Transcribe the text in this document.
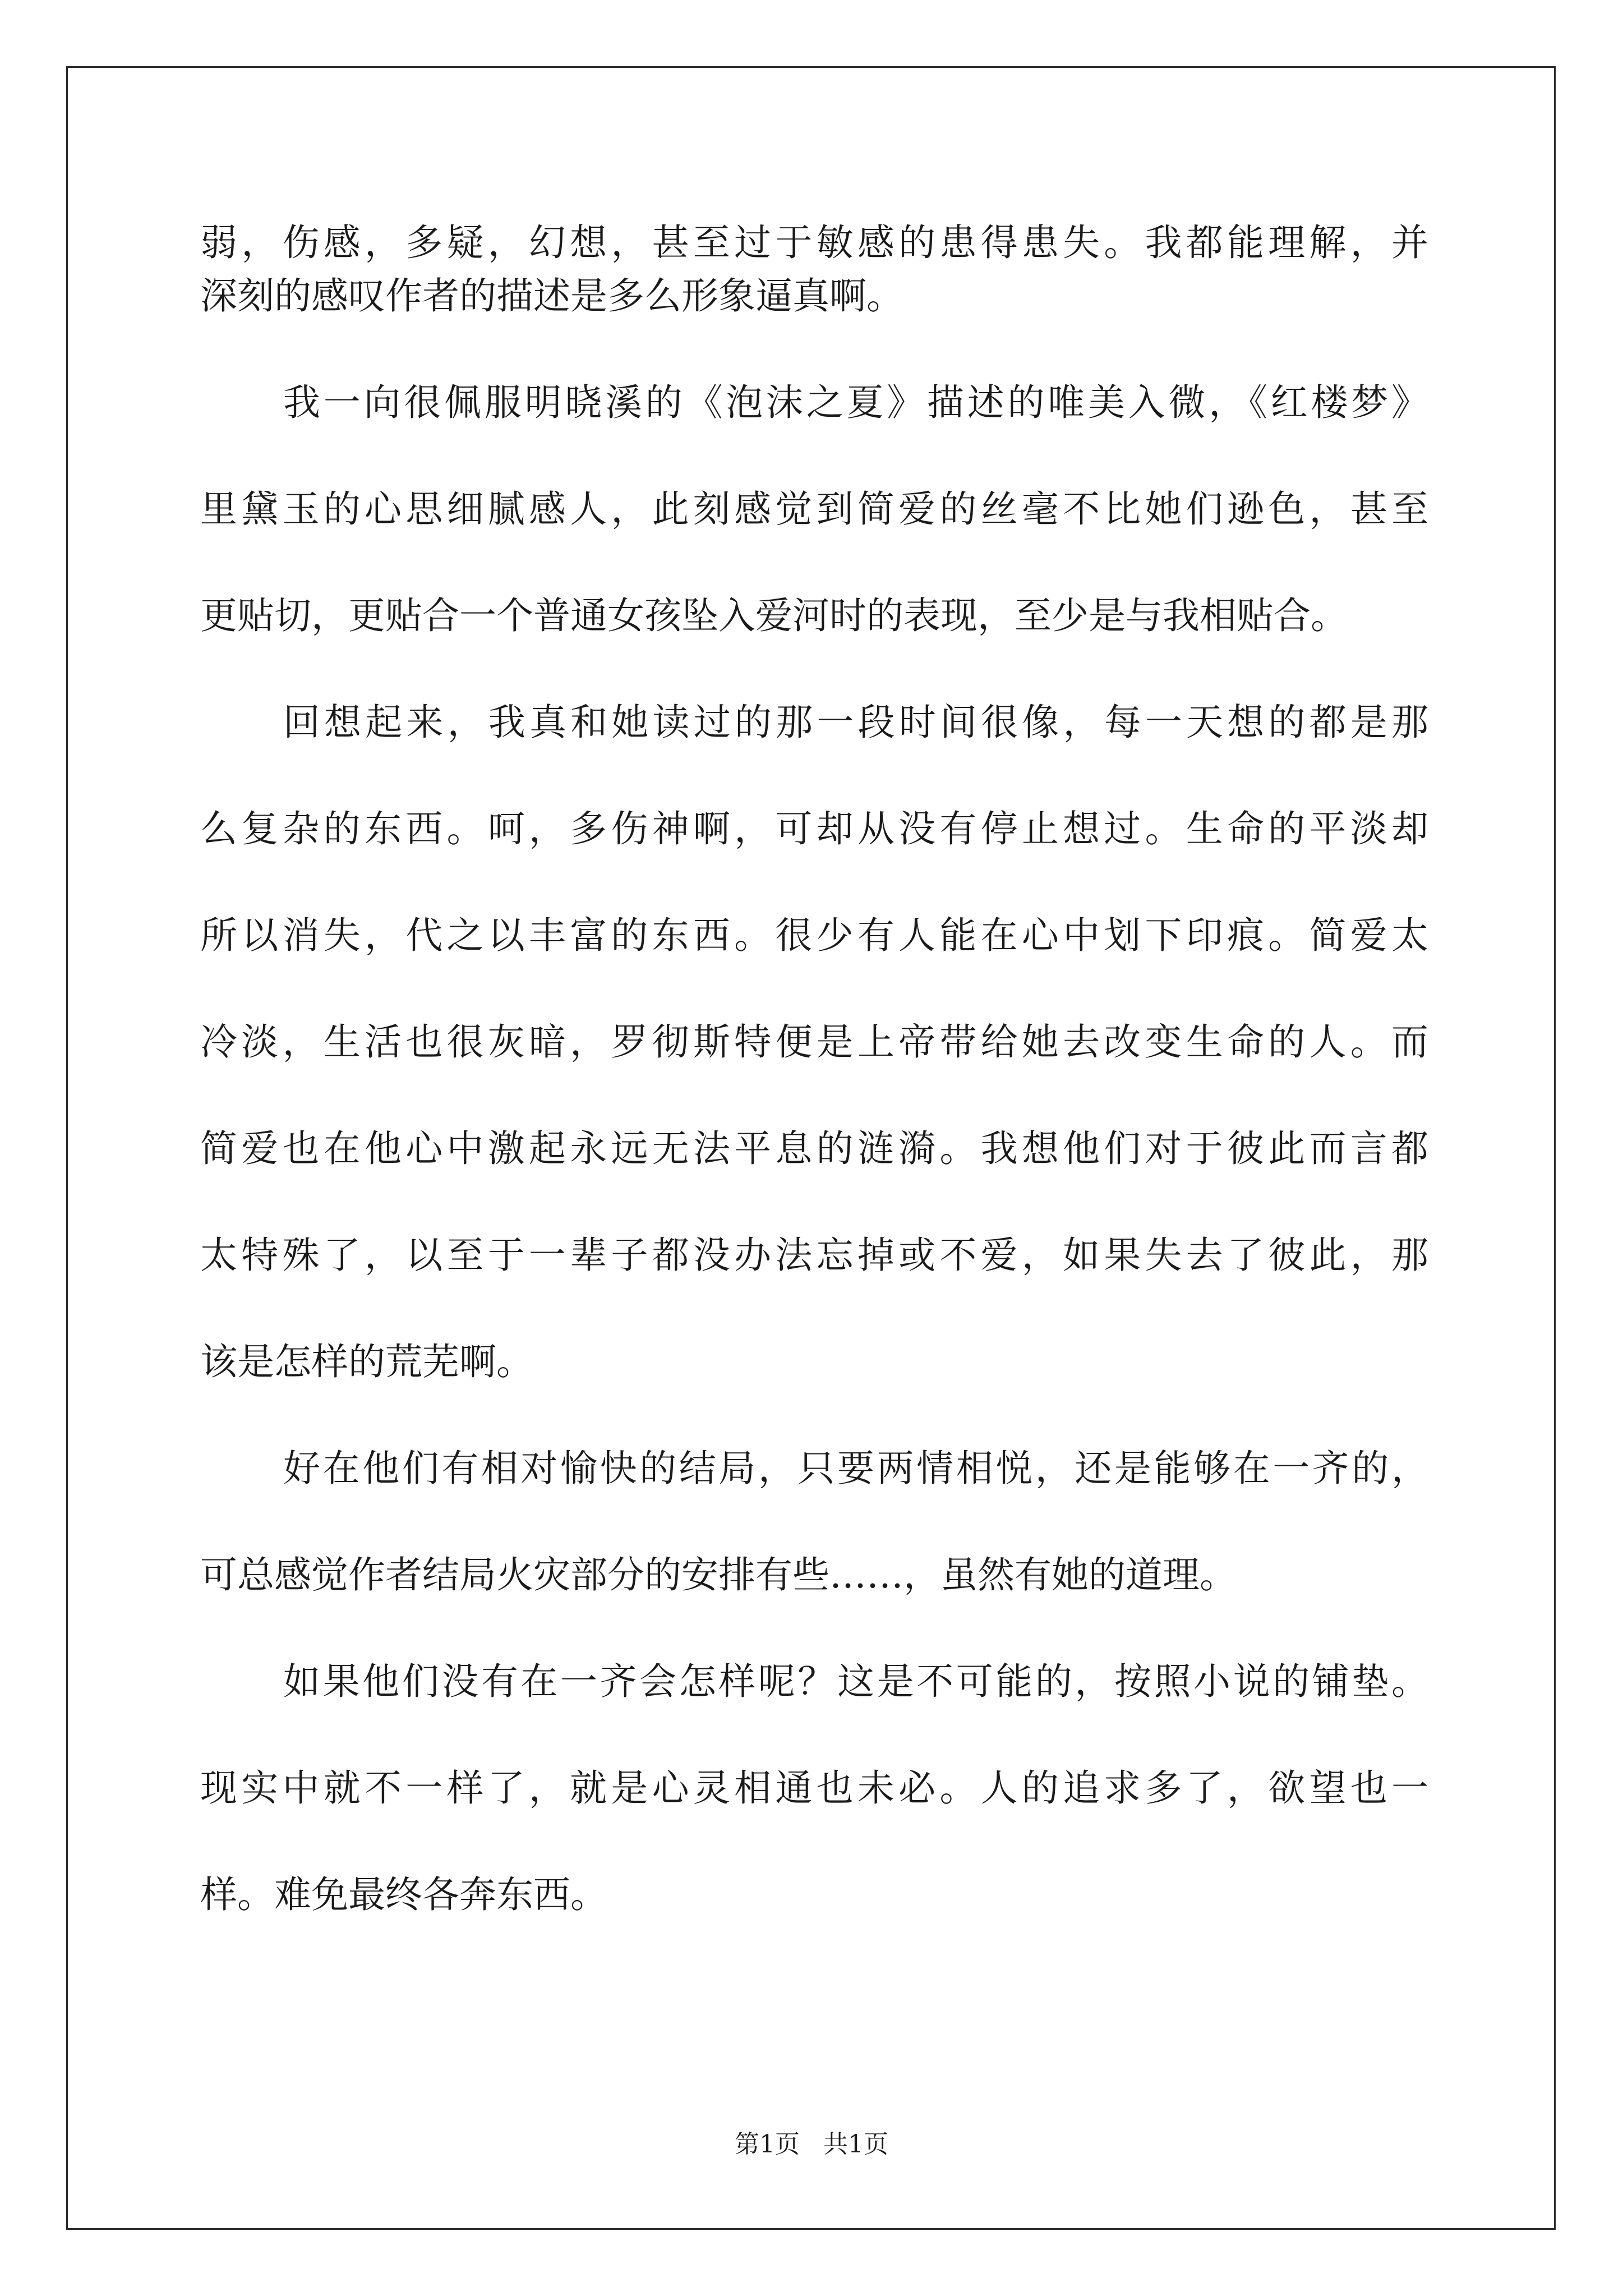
弱，伤感，多疑，幻想，甚至过于敏感的患得患失。我都能理解，并

深刻的感叹作者的描述是多么形象逼真啊。

我一向很佩服明晓溪的《泡沫之夏》描述的唯美入微，《红楼梦》

里黛玉的心思细腻感人，此刻感觉到简爱的丝毫不比她们逊色，甚至

更贴切，更贴合一个普通女孩坠入爱河时的表现，至少是与我相贴合。

回想起来，我真和她读过的那一段时间很像，每一天想的都是那

么复杂的东西。呵，多伤神啊，可却从没有停止想过。生命的平淡却

所以消失，代之以丰富的东西。很少有人能在心中划下印痕。简爱太

冷淡，生活也很灰暗，罗彻斯特便是上帝带给她去改变生命的人。而

简爱也在他心中激起永远无法平息的涟漪。我想他们对于彼此而言都

太特殊了，以至于一辈子都没办法忘掉或不爱，如果失去了彼此，那

该是怎样的荒芜啊。

好在他们有相对愉快的结局，只要两情相悦，还是能够在一齐的，

可总感觉作者结局火灾部分的安排有些……，虽然有她的道理。

如果他们没有在一齐会怎样呢？这是不可能的，按照小说的铺垫。

现实中就不一样了，就是心灵相通也未必。人的追求多了，欲望也一

样。难免最终各奔东西。

第1页 共1页
